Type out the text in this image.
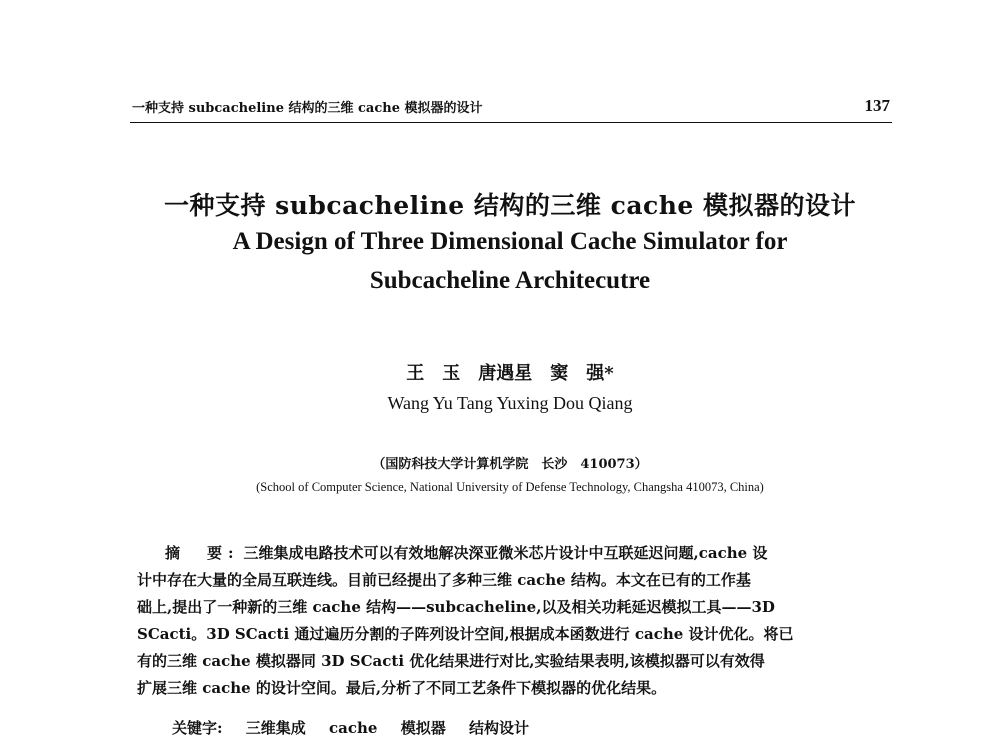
一种支持 subcacheline 结构的三维 cache 模拟器的设计	137
一种支持 subcacheline 结构的三维 cache 模拟器的设计
A Design of Three Dimensional Cache Simulator for
Subcacheline Architecutre
王　玉　唐遇星　窦　强*
Wang Yu Tang Yuxing Dou Qiang
（国防科技大学计算机学院　长沙　410073）
(School of Computer Science, National University of Defense Technology, Changsha 410073, China)
摘　要: 三维集成电路技术可以有效地解决深亚微米芯片设计中互联延迟问题,cache 设
计中存在大量的全局互联连线。目前已经提出了多种三维 cache 结构。本文在已有的工作基
础上,提出了一种新的三维 cache 结构——subcacheline,以及相关功耗延迟模拟工具——3D
SCacti。3D SCacti 通过遍历分割的子阵列设计空间,根据成本函数进行 cache 设计优化。将已
有的三维 cache 模拟器同 3D SCacti 优化结果进行对比,实验结果表明,该模拟器可以有效得
扩展三维 cache 的设计空间。最后,分析了不同工艺条件下模拟器的优化结果。
关键字: 三维集成 cache 模拟器 结构设计
